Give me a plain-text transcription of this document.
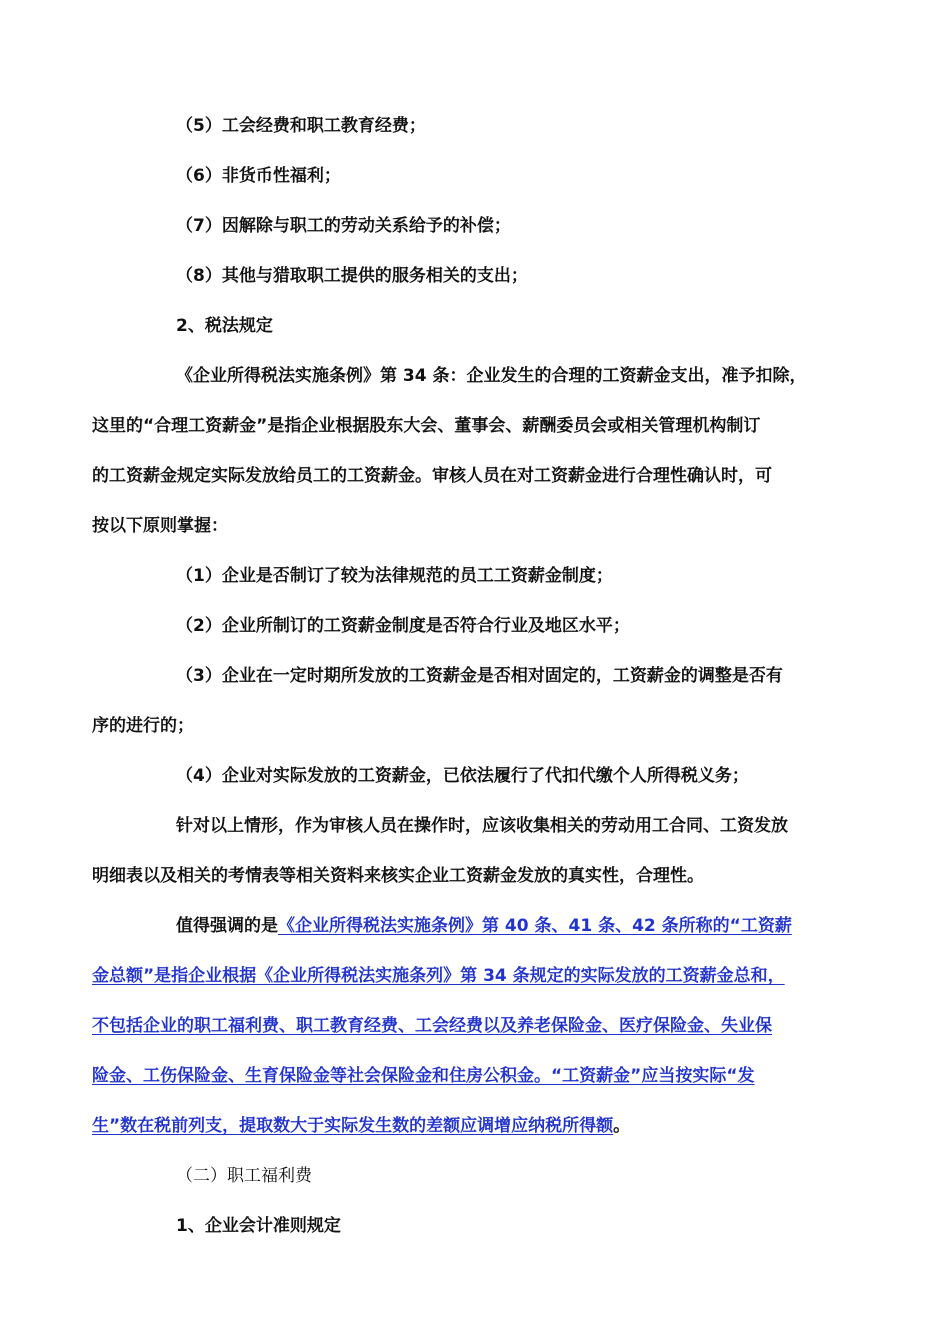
（5）工会经费和职工教育经费；
（6）非货币性福利；
（7）因解除与职工的劳动关系给予的补偿；
（8）其他与猎取职工提供的服务相关的支出；
2、税法规定
《企业所得税法实施条例》第 34 条：企业发生的合理的工资薪金支出，准予扣除，
这里的“合理工资薪金”是指企业根据股东大会、董事会、薪酬委员会或相关管理机构制订
的工资薪金规定实际发放给员工的工资薪金。审核人员在对工资薪金进行合理性确认时，可
按以下原则掌握：
（1）企业是否制订了较为法律规范的员工工资薪金制度；
（2）企业所制订的工资薪金制度是否符合行业及地区水平；
（3）企业在一定时期所发放的工资薪金是否相对固定的，工资薪金的调整是否有
序的进行的；
（4）企业对实际发放的工资薪金，已依法履行了代扣代缴个人所得税义务；
针对以上情形，作为审核人员在操作时，应该收集相关的劳动用工合同、工资发放
明细表以及相关的考情表等相关资料来核实企业工资薪金发放的真实性，合理性。
值得强调的是《企业所得税法实施条例》第 40 条、41 条、42 条所称的“工资薪
金总额”是指企业根据《企业所得税法实施条列》第 34 条规定的实际发放的工资薪金总和，
不包括企业的职工福利费、职工教育经费、工会经费以及养老保险金、医疗保险金、失业保
险金、工伤保险金、生育保险金等社会保险金和住房公积金。“工资薪金”应当按实际“发
生”数在税前列支，提取数大于实际发生数的差额应调增应纳税所得额。
（二）职工福利费
1、企业会计准则规定
